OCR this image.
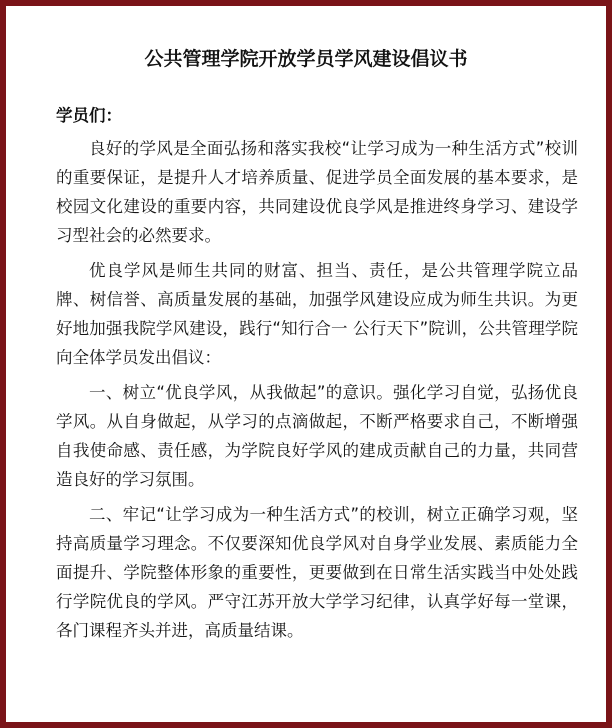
公共管理学院开放学员学风建设倡议书
学员们：

良好的学风是全面弘扬和落实我校“让学习成为一种生活方式”校训的重要保证，是提升人才培养质量、促进学员全面发展的基本要求，是校园文化建设的重要内容，共同建设优良学风是推进终身学习、建设学习型社会的必然要求。

优良学风是师生共同的财富、担当、责任，是公共管理学院立品牌、树信誉、高质量发展的基础，加强学风建设应成为师生共识。为更好地加强我院学风建设，践行“知行合一 公行天下”院训，公共管理学院向全体学员发出倡议：

一、树立“优良学风，从我做起”的意识。强化学习自觉，弘扬优良学风。从自身做起，从学习的点滴做起，不断严格要求自己，不断增强自我使命感、责任感，为学院良好学风的建成贡献自己的力量，共同营造良好的学习氛围。

二、牢记“让学习成为一种生活方式”的校训，树立正确学习观，坚持高质量学习理念。不仅要深知优良学风对自身学业发展、素质能力全面提升、学院整体形象的重要性，更要做到在日常生活实践当中处处践行学院优良的学风。严守江苏开放大学学习纪律，认真学好每一堂课，各门课程齐头并进，高质量结课。
